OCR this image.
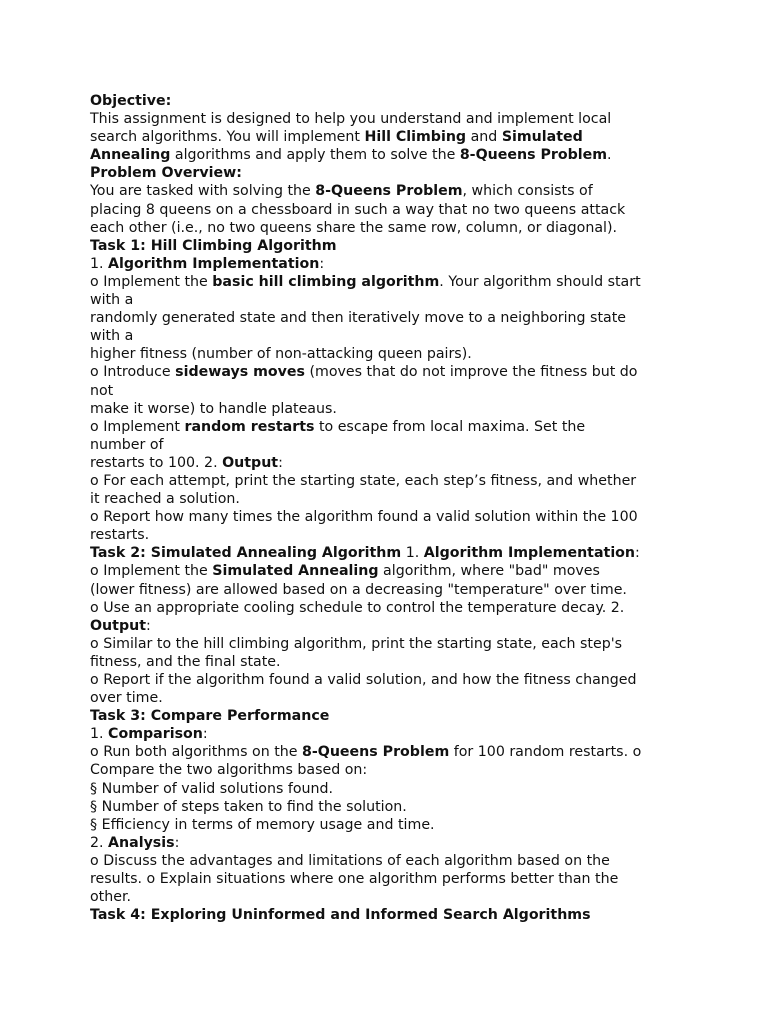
Objective:
This assignment is designed to help you understand and implement local
search algorithms. You will implement Hill Climbing and Simulated
Annealing algorithms and apply them to solve the 8-Queens Problem.
Problem Overview:
You are tasked with solving the 8-Queens Problem, which consists of
placing 8 queens on a chessboard in such a way that no two queens attack
each other (i.e., no two queens share the same row, column, or diagonal).
Task 1: Hill Climbing Algorithm
1. Algorithm Implementation:
o Implement the basic hill climbing algorithm. Your algorithm should start
with a
randomly generated state and then iteratively move to a neighboring state
with a
higher fitness (number of non-attacking queen pairs).
o Introduce sideways moves (moves that do not improve the fitness but do
not
make it worse) to handle plateaus.
o Implement random restarts to escape from local maxima. Set the
number of
restarts to 100. 2. Output:
o For each attempt, print the starting state, each step’s fitness, and whether
it reached a solution.
o Report how many times the algorithm found a valid solution within the 100
restarts.
Task 2: Simulated Annealing Algorithm 1. Algorithm Implementation:
o Implement the Simulated Annealing algorithm, where "bad" moves
(lower fitness) are allowed based on a decreasing "temperature" over time.
o Use an appropriate cooling schedule to control the temperature decay. 2.
Output:
o Similar to the hill climbing algorithm, print the starting state, each step's
fitness, and the final state.
o Report if the algorithm found a valid solution, and how the fitness changed
over time.
Task 3: Compare Performance
1. Comparison:
o Run both algorithms on the 8-Queens Problem for 100 random restarts. o
Compare the two algorithms based on:
§ Number of valid solutions found.
§ Number of steps taken to find the solution.
§ Efficiency in terms of memory usage and time.
2. Analysis:
o Discuss the advantages and limitations of each algorithm based on the
results. o Explain situations where one algorithm performs better than the
other.
Task 4: Exploring Uninformed and Informed Search Algorithms
